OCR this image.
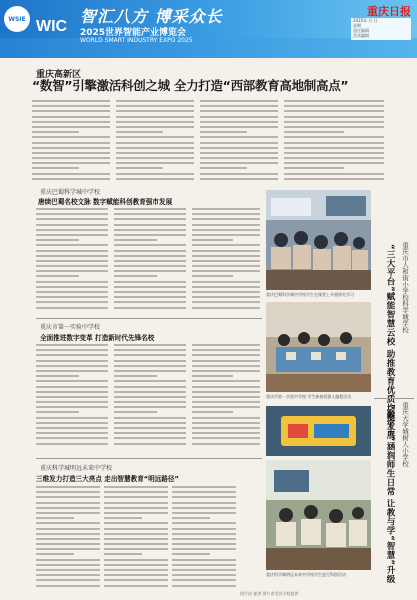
WSIE WIC
智汇八方 博采众长
2025世界智能产业博览会
WORLD SMART INDUSTRY EXPO 2025
重庆日报
2025年 月 日
星期
责任编辑
美术编辑
重庆高新区
“数智”引擎激活科创之城 全力打造“西部教育高地制高点”
重庆巴蜀科学城中学校
唐续巴蜀名校文脉 数字赋能科创教育强市发展
重庆市第一实验中学校
全面推进数字变革 打造新时代先锋名校
重庆科学城明远未来中学校
三维发力打造三大亮点 走出智慧教育“明远路径”
重庆巴蜀科学城中学校学生在课堂上开展探究学习
重庆市第一实验中学校 学生参加机器人编程活动
重庆科学城明远未来中学校学生进行科创活动
重庆市人和街小学校科学城学校
“三大平台”赋能智慧云校 助推教育优质均衡发展 重庆大学城树人小学校
“数字+”涵润师生日常 让教与学“智慧”升级
图片由 提供 图片由受访学校提供
